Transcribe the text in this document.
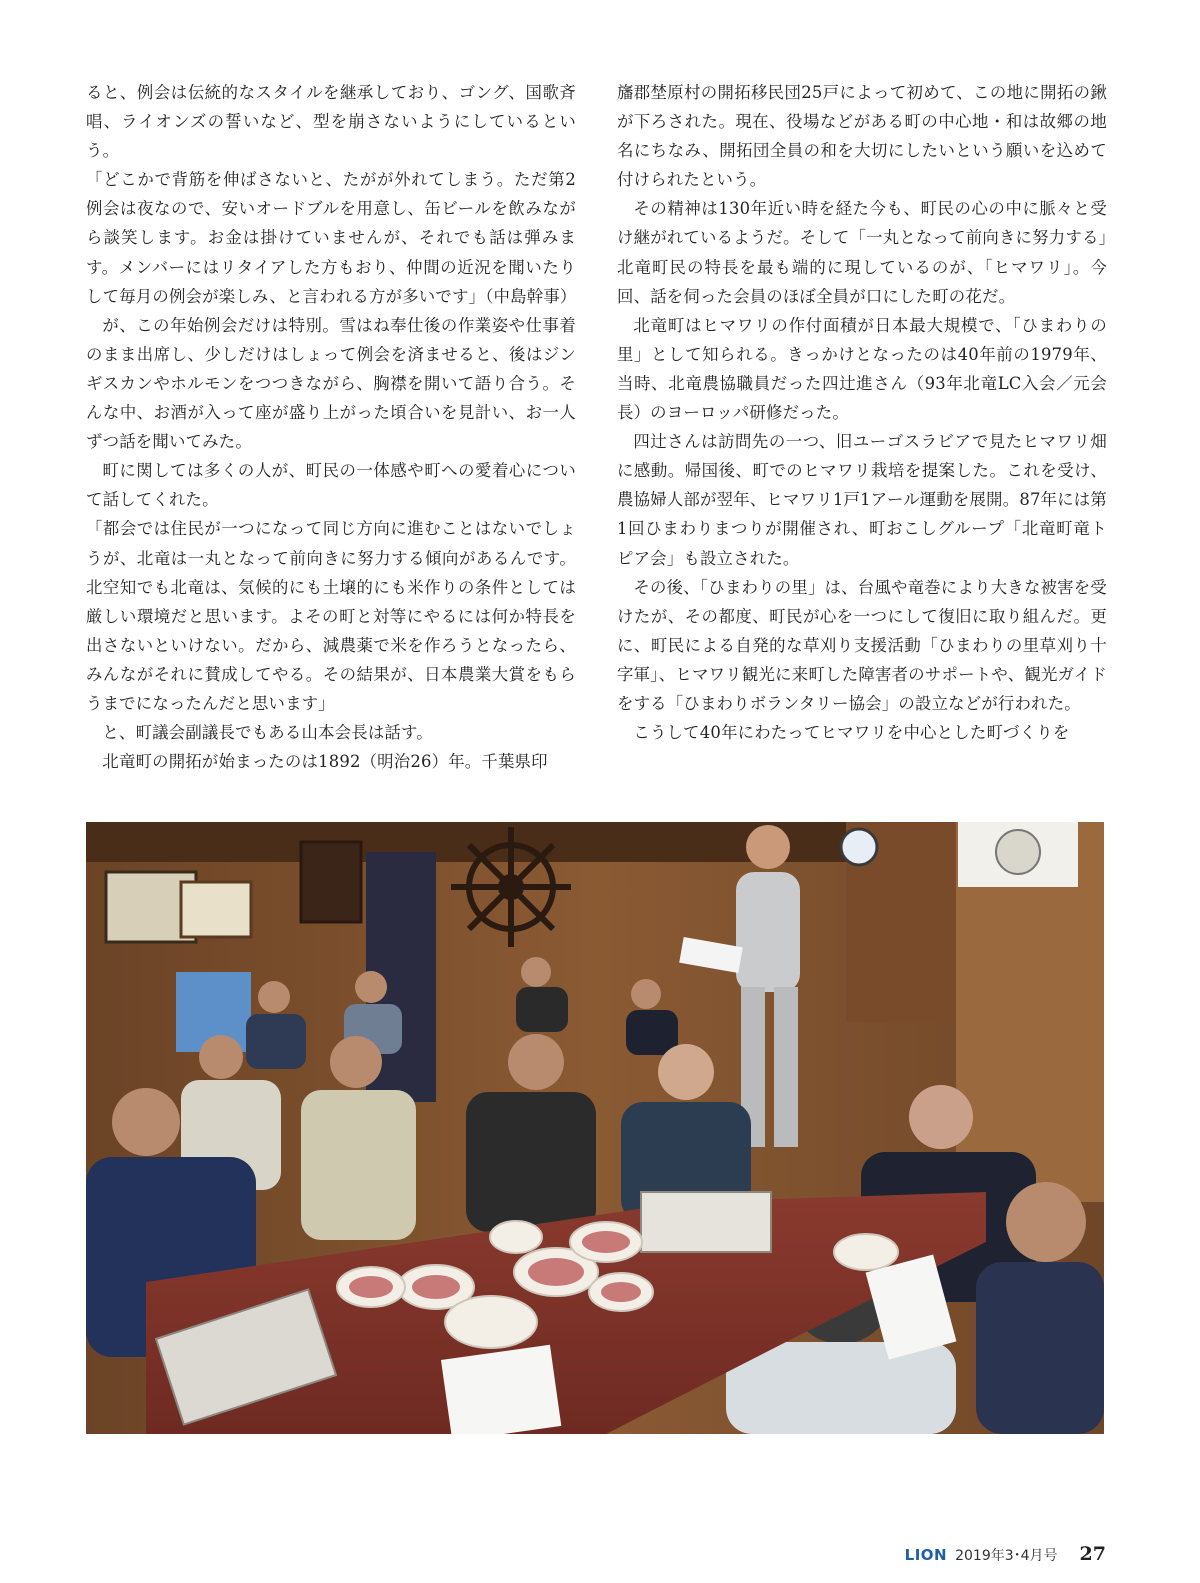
ると、例会は伝統的なスタイルを継承しており、ゴング、国歌斉唱、ライオンズの誓いなど、型を崩さないようにしているという。

「どこかで背筋を伸ばさないと、たがが外れてしまう。ただ第2例会は夜なので、安いオードブルを用意し、缶ビールを飲みながら談笑します。お金は掛けていませんが、それでも話は弾みます。メンバーにはリタイアした方もおり、仲間の近況を聞いたりして毎月の例会が楽しみ、と言われる方が多いです」（中島幹事）

が、この年始例会だけは特別。雪はね奉仕後の作業姿や仕事着のまま出席し、少しだけはしょって例会を済ませると、後はジンギスカンやホルモンをつつきながら、胸襟を開いて語り合う。そんな中、お酒が入って座が盛り上がった頃合いを見計い、お一人ずつ話を聞いてみた。

町に関しては多くの人が、町民の一体感や町への愛着心について話してくれた。

「都会では住民が一つになって同じ方向に進むことはないでしょうが、北竜は一丸となって前向きに努力する傾向があるんです。北空知でも北竜は、気候的にも土壌的にも米作りの条件としては厳しい環境だと思います。よその町と対等にやるには何か特長を出さないといけない。だから、減農薬で米を作ろうとなったら、みんながそれに賛成してやる。その結果が、日本農業大賞をもらうまでになったんだと思います」

と、町議会副議長でもある山本会長は話す。

北竜町の開拓が始まったのは1892（明治26）年。千葉県印

旛郡埜原村の開拓移民団25戸によって初めて、この地に開拓の鍬が下ろされた。現在、役場などがある町の中心地・和は故郷の地名にちなみ、開拓団全員の和を大切にしたいという願いを込めて付けられたという。

その精神は130年近い時を経た今も、町民の心の中に脈々と受け継がれているようだ。そして「一丸となって前向きに努力する」北竜町民の特長を最も端的に現しているのが、「ヒマワリ」。今回、話を伺った会員のほぼ全員が口にした町の花だ。

北竜町はヒマワリの作付面積が日本最大規模で、「ひまわりの里」として知られる。きっかけとなったのは40年前の1979年、当時、北竜農協職員だった四辻進さん（93年北竜LC入会／元会長）のヨーロッパ研修だった。

四辻さんは訪問先の一つ、旧ユーゴスラビアで見たヒマワリ畑に感動。帰国後、町でのヒマワリ栽培を提案した。これを受け、農協婦人部が翌年、ヒマワリ1戸1アール運動を展開。87年には第1回ひまわりまつりが開催され、町おこしグループ「北竜町竜トピア会」も設立された。

その後、「ひまわりの里」は、台風や竜巻により大きな被害を受けたが、その都度、町民が心を一つにして復旧に取り組んだ。更に、町民による自発的な草刈り支援活動「ひまわりの里草刈り十字軍」、ヒマワリ観光に来町した障害者のサポートや、観光ガイドをする「ひまわりボランタリー協会」の設立などが行われた。

こうして40年にわたってヒマワリを中心とした町づくりを

LION 2019年3･4月号 27
